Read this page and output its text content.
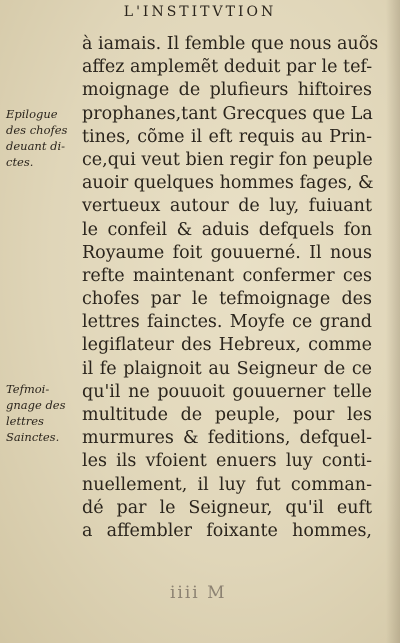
L'INSTITVTION
à iamais. Il femble que nous auõs
affez amplemẽt deduit par le tef-
moignage de plufieurs hiftoires
prophanes,tant Grecques que La
tines, cõme il eft requis au Prin-
ce,qui veut bien regir fon peuple
auoir quelques hommes fages, &
vertueux autour de luy, fuiuant
le confeil & aduis defquels fon
Royaume foit gouuerné. Il nous
refte maintenant confermer ces
chofes par le tefmoignage des
lettres fainctes. Moyfe ce grand
legiflateur des Hebreux, comme
il fe plaignoit au Seigneur de ce
qu'il ne pouuoit gouuerner telle
multitude de peuple, pour les
murmures & feditions, defquel-
les ils vfoient enuers luy conti-
nuellement, il luy fut comman-
dé par le Seigneur, qu'il euft
a affembler foixante hommes,
Epilogue
des chofes
deuant di-
ctes.
Tefmoi-
gnage des
lettres
Sainctes.
iiii M
